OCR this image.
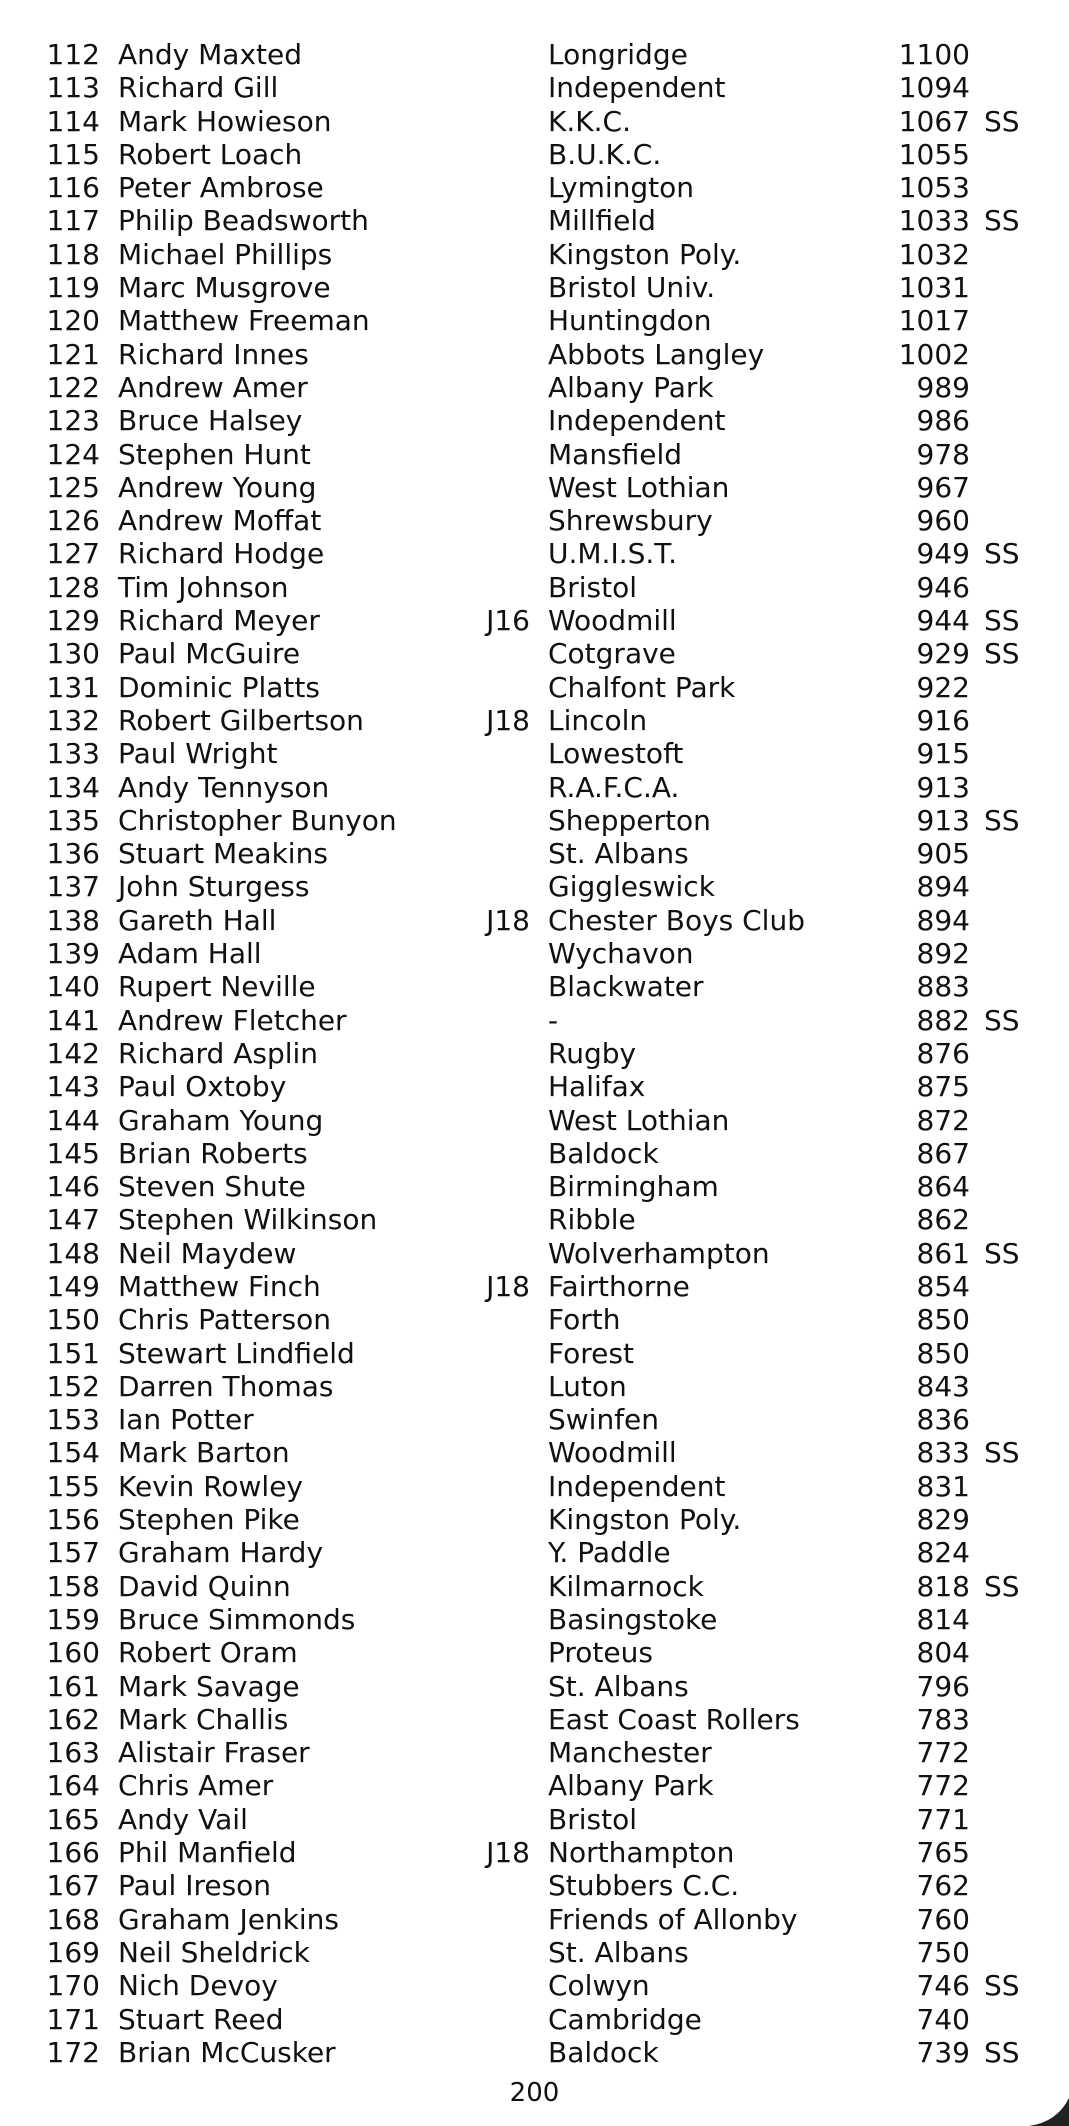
112 Andy Maxted	Longridge	1100
113 Richard Gill	Independent	1094
114 Mark Howieson	K.K.C.	1067 SS
115 Robert Loach	B.U.K.C.	1055
116 Peter Ambrose	Lymington	1053
117 Philip Beadsworth	Millfield	1033 SS
118 Michael Phillips	Kingston Poly.	1032
119 Marc Musgrove	Bristol Univ.	1031
120 Matthew Freeman	Huntingdon	1017
121 Richard Innes	Abbots Langley	1002
122 Andrew Amer	Albany Park	989
123 Bruce Halsey	Independent	986
124 Stephen Hunt	Mansfield	978
125 Andrew Young	West Lothian	967
126 Andrew Moffat	Shrewsbury	960
127 Richard Hodge	U.M.I.S.T.	949 SS
128 Tim Johnson	Bristol	946
129 Richard Meyer	J16 Woodmill	944 SS
130 Paul McGuire	Cotgrave	929 SS
131 Dominic Platts	Chalfont Park	922
132 Robert Gilbertson	J18 Lincoln	916
133 Paul Wright	Lowestoft	915
134 Andy Tennyson	R.A.F.C.A.	913
135 Christopher Bunyon	Shepperton	913 SS
136 Stuart Meakins	St. Albans	905
137 John Sturgess	Giggleswick	894
138 Gareth Hall	J18 Chester Boys Club	894
139 Adam Hall	Wychavon	892
140 Rupert Neville	Blackwater	883
141 Andrew Fletcher	-	882 SS
142 Richard Asplin	Rugby	876
143 Paul Oxtoby	Halifax	875
144 Graham Young	West Lothian	872
145 Brian Roberts	Baldock	867
146 Steven Shute	Birmingham	864
147 Stephen Wilkinson	Ribble	862
148 Neil Maydew	Wolverhampton	861 SS
149 Matthew Finch	J18 Fairthorne	854
150 Chris Patterson	Forth	850
151 Stewart Lindfield	Forest	850
152 Darren Thomas	Luton	843
153 Ian Potter	Swinfen	836
154 Mark Barton	Woodmill	833 SS
155 Kevin Rowley	Independent	831
156 Stephen Pike	Kingston Poly.	829
157 Graham Hardy	Y. Paddle	824
158 David Quinn	Kilmarnock	818 SS
159 Bruce Simmonds	Basingstoke	814
160 Robert Oram	Proteus	804
161 Mark Savage	St. Albans	796
162 Mark Challis	East Coast Rollers	783
163 Alistair Fraser	Manchester	772
164 Chris Amer	Albany Park	772
165 Andy Vail	Bristol	771
166 Phil Manfield	J18 Northampton	765
167 Paul Ireson	Stubbers C.C.	762
168 Graham Jenkins	Friends of Allonby	760
169 Neil Sheldrick	St. Albans	750
170 Nich Devoy	Colwyn	746 SS
171 Stuart Reed	Cambridge	740
172 Brian McCusker	Baldock	739 SS
200
